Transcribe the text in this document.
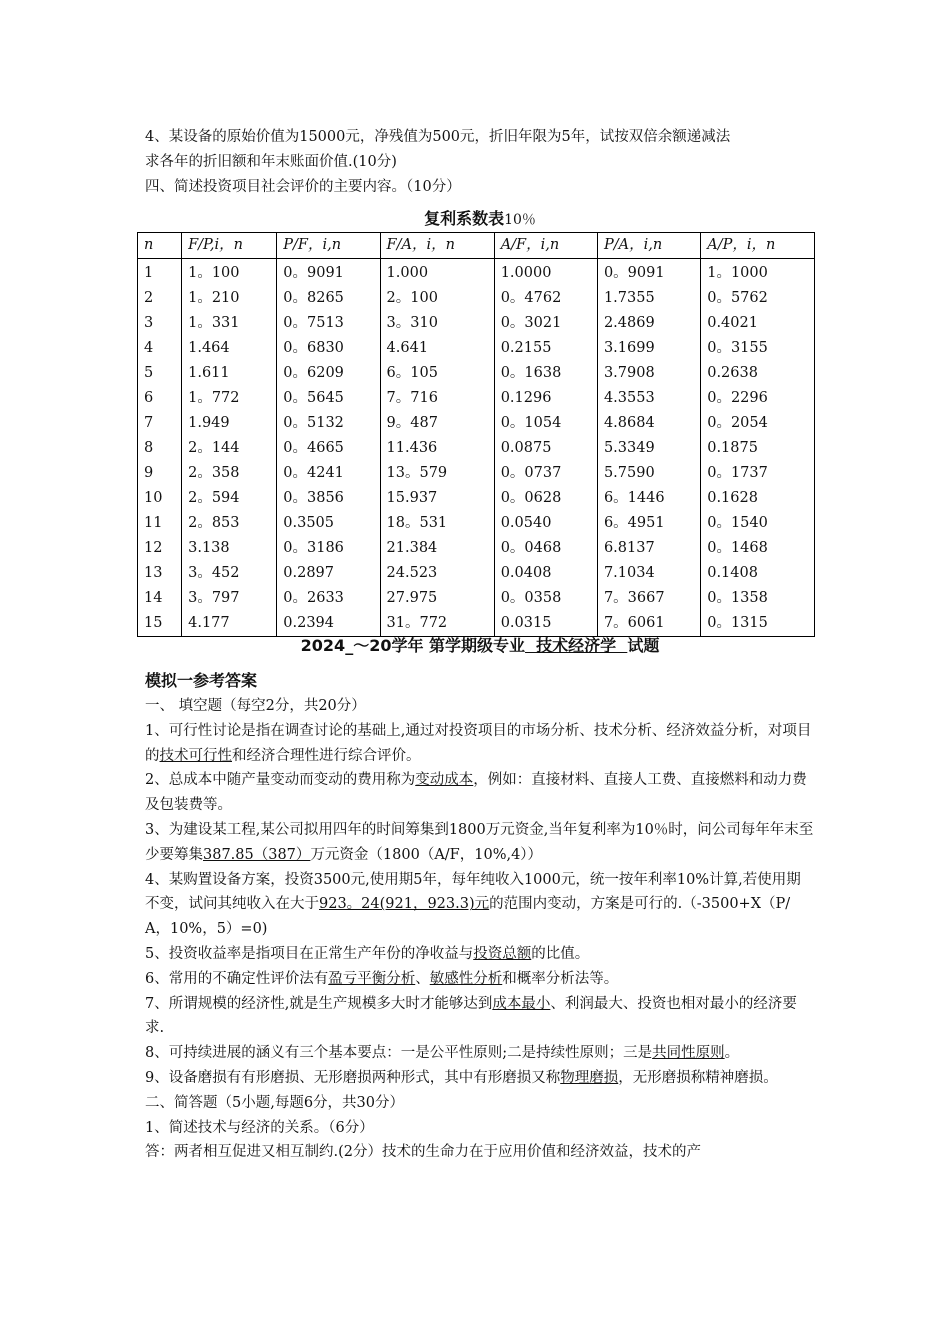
4、某设备的原始价值为15000元，净残值为500元，折旧年限为5年，试按双倍余额递减法

求各年的折旧额和年末账面价值.(10分)

四、简述投资项目社会评价的主要内容。（10分）

复利系数表10％
n	F/P,i，n	P/F，i,n	F/A，i，n	A/F，i,n	P/A，i,n	A/P，i，n
1	1。100	0。9091	1.000	1.0000	0。9091	1。1000
2	1。210	0。8265	2。100	0。4762	1.7355	0。5762
3	1。331	0。7513	3。310	0。3021	2.4869	0.4021
4	1.464	0。6830	4.641	0.2155	3.1699	0。3155
5	1.611	0。6209	6。105	0。1638	3.7908	0.2638
6	1。772	0。5645	7。716	0.1296	4.3553	0。2296
7	1.949	0。5132	9。487	0。1054	4.8684	0。2054
8	2。144	0。4665	11.436	0.0875	5.3349	0.1875
9	2。358	0。4241	13。579	0。0737	5.7590	0。1737
10	2。594	0。3856	15.937	0。0628	6。1446	0.1628
11	2。853	0.3505	18。531	0.0540	6。4951	0。1540
12	3.138	0。3186	21.384	0。0468	6.8137	0。1468
13	3。452	0.2897	24.523	0.0408	7.1034	0.1408
14	3。797	0。2633	27.975	0。0358	7。3667	0。1358
15	4.177	0.2394	31。772	0.0315	7。6061	0。1315
2024_～20学年 第学期级专业  技术经济学  试题
模拟一参考答案

一、 填空题（每空2分，共20分）

1、可行性讨论是指在调查讨论的基础上,通过对投资项目的市场分析、技术分析、经济效益分析，对项目的技术可行性和经济合理性进行综合评价。

2、总成本中随产量变动而变动的费用称为变动成本，例如：直接材料、直接人工费、直接燃料和动力费及包装费等。

3、为建设某工程,某公司拟用四年的时间筹集到1800万元资金,当年复利率为10％时，问公司每年年末至少要筹集387.85（387）万元资金（1800（A/F，10%,4））

4、某购置设备方案，投资3500元,使用期5年，每年纯收入1000元，统一按年利率10%计算,若使用期不变，试问其纯收入在大于923。24(921，923.3)元的范围内变动，方案是可行的.（-3500+X（P/A，10%，5）=0)

5、投资收益率是指项目在正常生产年份的净收益与投资总额的比值。

6、常用的不确定性评价法有盈亏平衡分析、敏感性分析和概率分析法等。

7、所谓规模的经济性,就是生产规模多大时才能够达到成本最小、利润最大、投资也相对最小的经济要求.

8、可持续进展的涵义有三个基本要点：一是公平性原则;二是持续性原则；三是共同性原则。

9、设备磨损有有形磨损、无形磨损两种形式，其中有形磨损又称物理磨损，无形磨损称精神磨损。

二、简答题（5小题,每题6分，共30分）

1、简述技术与经济的关系。（6分）

答：两者相互促进又相互制约.(2分）技术的生命力在于应用价值和经济效益，技术的产
